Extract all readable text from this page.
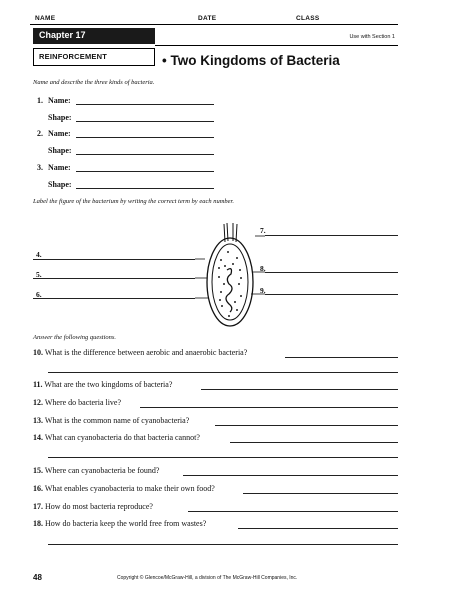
NAME	DATE	CLASS
Chapter 17	Use with Section 1
REINFORCEMENT	• Two Kingdoms of Bacteria
Name and describe the three kinds of bacteria.
1. Name:
Shape:
2. Name:
Shape:
3. Name:
Shape:
Label the figure of the bacterium by writing the correct term by each number.
4.
5.
6.
7.
8.
9.
Answer the following questions.
10. What is the difference between aerobic and anaerobic bacteria?
11. What are the two kingdoms of bacteria?
12. Where do bacteria live?
13. What is the common name of cyanobacteria?
14. What can cyanobacteria do that bacteria cannot?
15. Where can cyanobacteria be found?
16. What enables cyanobacteria to make their own food?
17. How do most bacteria reproduce?
18. How do bacteria keep the world free from wastes?
48	Copyright © Glencoe/McGraw-Hill, a division of The McGraw-Hill Companies, Inc.
